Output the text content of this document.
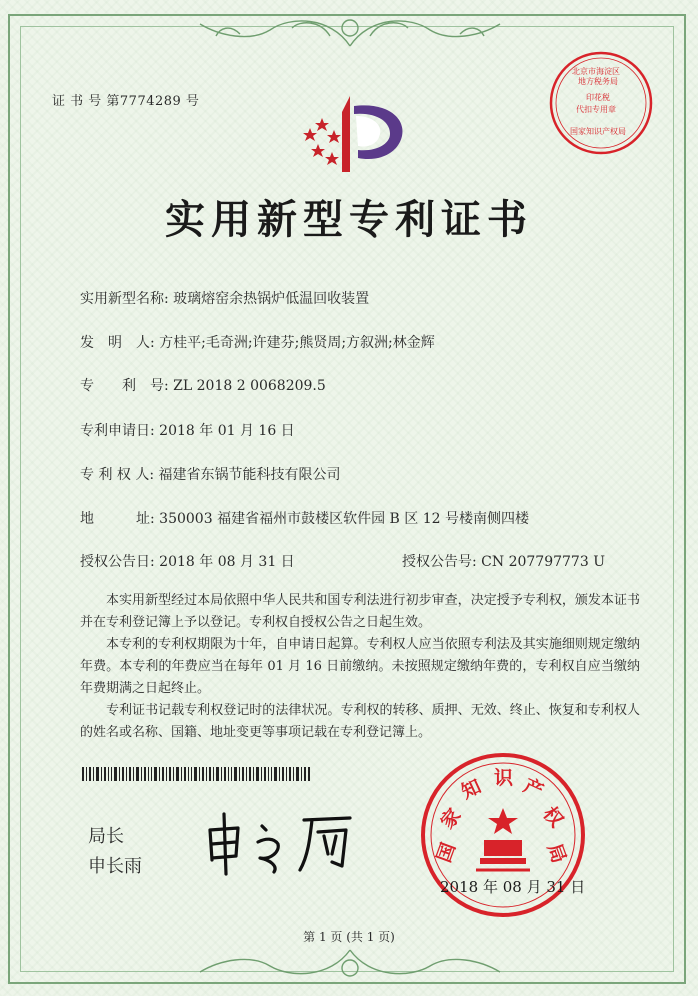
证 书 号 第7774289 号
北京市海淀区
地方税务局
印花税
代扣专用章
国家知识产权局
实用新型专利证书
实用新型名称: 玻璃熔窑余热锅炉低温回收装置
发　明　人: 方桂平;毛奇洲;许建芬;熊贤周;方叙洲;林金辉
专　　利　号: ZL 2018 2 0068209.5
专利申请日: 2018 年 01 月 16 日
专 利 权 人: 福建省东锅节能科技有限公司
地　　　址: 350003 福建省福州市鼓楼区软件园 B 区 12 号楼南侧四楼
授权公告日: 2018 年 08 月 31 日	授权公告号: CN 207797773 U

本实用新型经过本局依照中华人民共和国专利法进行初步审查，决定授予专利权，颁发本证书并在专利登记簿上予以登记。专利权自授权公告之日起生效。

本专利的专利权期限为十年，自申请日起算。专利权人应当依照专利法及其实施细则规定缴纳年费。本专利的年费应当在每年 01 月 16 日前缴纳。未按照规定缴纳年费的，专利权自应当缴纳年费期满之日起终止。

专利证书记载专利权登记时的法律状况。专利权的转移、质押、无效、终止、恢复和专利权人的姓名或名称、国籍、地址变更等事项记载在专利登记簿上。

局长
申长雨
国
家
知 识 产
权
局
2018 年 08 月 31 日
第 1 页 (共 1 页)
